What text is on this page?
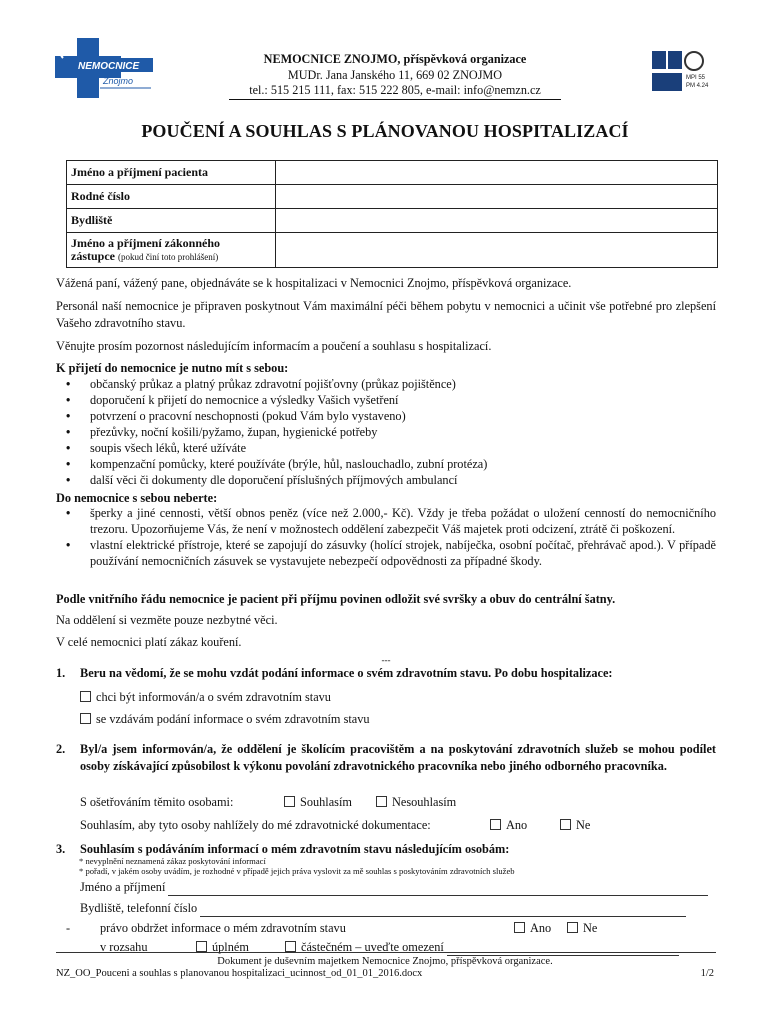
NEMOCNICE
Znojmo	MPI 55
PM 4.24
NEMOCNICE ZNOJMO, příspěvková organizace
MUDr. Jana Janského 11, 669 02 ZNOJMO
tel.: 515 215 111, fax: 515 222 805, e-mail: info@nemzn.cz
POUČENÍ A SOUHLAS S PLÁNOVANOU HOSPITALIZACÍ
Jméno a příjmení pacienta	
Rodné číslo	
Bydliště	
Jméno a příjmení zákonného
zástupce (pokud činí toto prohlášení)	
Vážená paní, vážený pane, objednáváte se k hospitalizaci v Nemocnici Znojmo, příspěvková organizace.
Personál naší nemocnice je připraven poskytnout Vám maximální péči během pobytu v nemocnici a učinit vše potřebné pro zlepšení Vašeho zdravotního stavu.
Věnujte prosím pozornost následujícím informacím a poučení a souhlasu s hospitalizací.
K přijetí do nemocnice je nutno mít s sebou:
• občanský průkaz a platný průkaz zdravotní pojišťovny (průkaz pojištěnce)
• doporučení k přijetí do nemocnice a výsledky Vašich vyšetření
• potvrzení o pracovní neschopnosti (pokud Vám bylo vystaveno)
• přezůvky, noční košili/pyžamo, župan, hygienické potřeby
• soupis všech léků, které užíváte
• kompenzační pomůcky, které používáte (brýle, hůl, naslouchadlo, zubní protéza)
• další věci či dokumenty dle doporučení příslušných příjmových ambulancí
Do nemocnice s sebou neberte:
• šperky a jiné cennosti, větší obnos peněz (více než 2.000,- Kč). Vždy je třeba požádat o uložení cenností do nemocničního trezoru. Upozorňujeme Vás, že není v možnostech oddělení zabezpečit Váš majetek proti odcizení, ztrátě či poškození.
• vlastní elektrické přístroje, které se zapojují do zásuvky (holící strojek, nabíječka, osobní počítač, přehrávač apod.). V případě používání nemocničních zásuvek se vystavujete nebezpečí odpovědnosti za případné škody.
Podle vnitřního řádu nemocnice je pacient při příjmu povinen odložit své svršky a obuv do centrální šatny.
Na oddělení si vezměte pouze nezbytné věci.
V celé nemocnici platí zákaz kouření.
---
1. Beru na vědomí, že se mohu vzdát podání informace o svém zdravotním stavu. Po dobu hospitalizace:
chci být informován/a o svém zdravotním stavu
se vzdávám podání informace o svém zdravotním stavu
2. Byl/a jsem informován/a, že oddělení je školícím pracovištěm a na poskytování zdravotních služeb se mohou podílet osoby získávající způsobilost k výkonu povolání zdravotnického pracovníka nebo jiného odborného pracovníka.
S ošetřováním těmito osobami:	Souhlasím	Nesouhlasím
Souhlasím, aby tyto osoby nahlížely do mé zdravotnické dokumentace:	Ano	Ne
3. Souhlasím s podáváním informací o mém zdravotním stavu následujícím osobám:
* nevyplnění neznamená zákaz poskytování informací
* pořadí, v jakém osoby uvádím, je rozhodné v případě jejich práva vyslovit za mě souhlas s poskytováním zdravotních služeb
Jméno a příjmení
Bydliště, telefonní číslo
- právo obdržet informace o mém zdravotním stavu	Ano	Ne
v rozsahu	úplném	částečném – uveďte omezení
Dokument je duševním majetkem Nemocnice Znojmo, příspěvková organizace.
NZ_OO_Pouceni a souhlas s planovanou hospitalizaci_ucinnost_od_01_01_2016.docx	1/2
